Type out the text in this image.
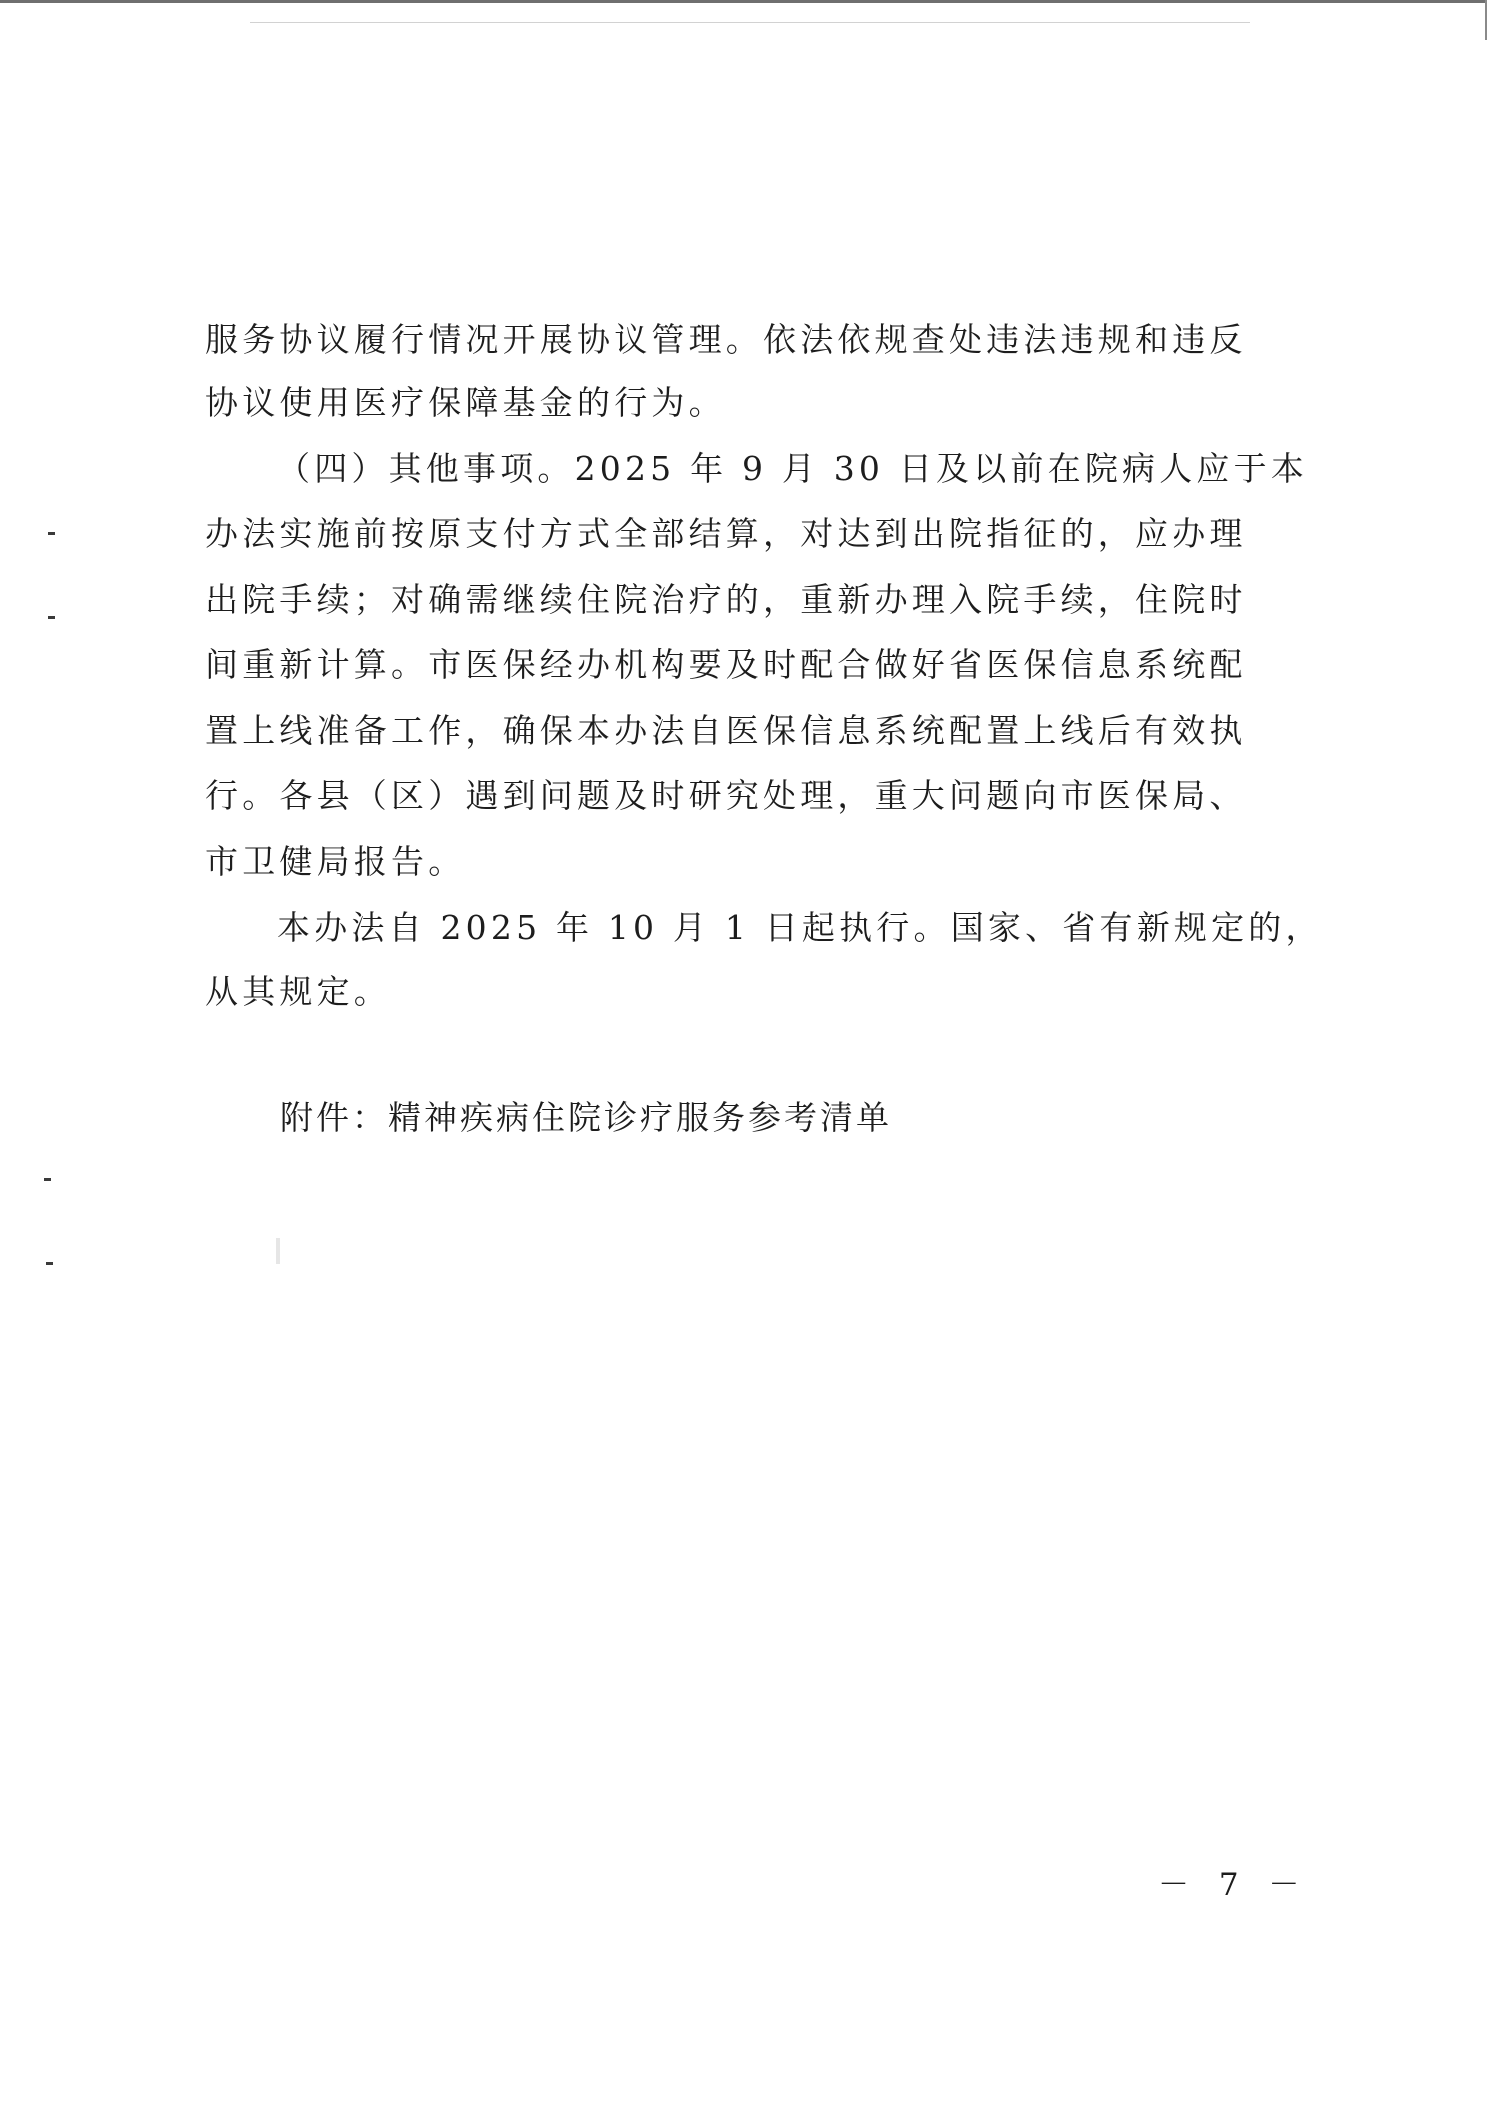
服务协议履行情况开展协议管理。依法依规查处违法违规和违反
协议使用医疗保障基金的行为。
（四）其他事项。2025 年 9 月 30 日及以前在院病人应于本
办法实施前按原支付方式全部结算，对达到出院指征的，应办理
出院手续；对确需继续住院治疗的，重新办理入院手续，住院时
间重新计算。市医保经办机构要及时配合做好省医保信息系统配
置上线准备工作，确保本办法自医保信息系统配置上线后有效执
行。各县（区）遇到问题及时研究处理，重大问题向市医保局、
市卫健局报告。
本办法自 2025 年 10 月 1 日起执行。国家、省有新规定的，
从其规定。
附件：精神疾病住院诊疗服务参考清单
－ 7 －
